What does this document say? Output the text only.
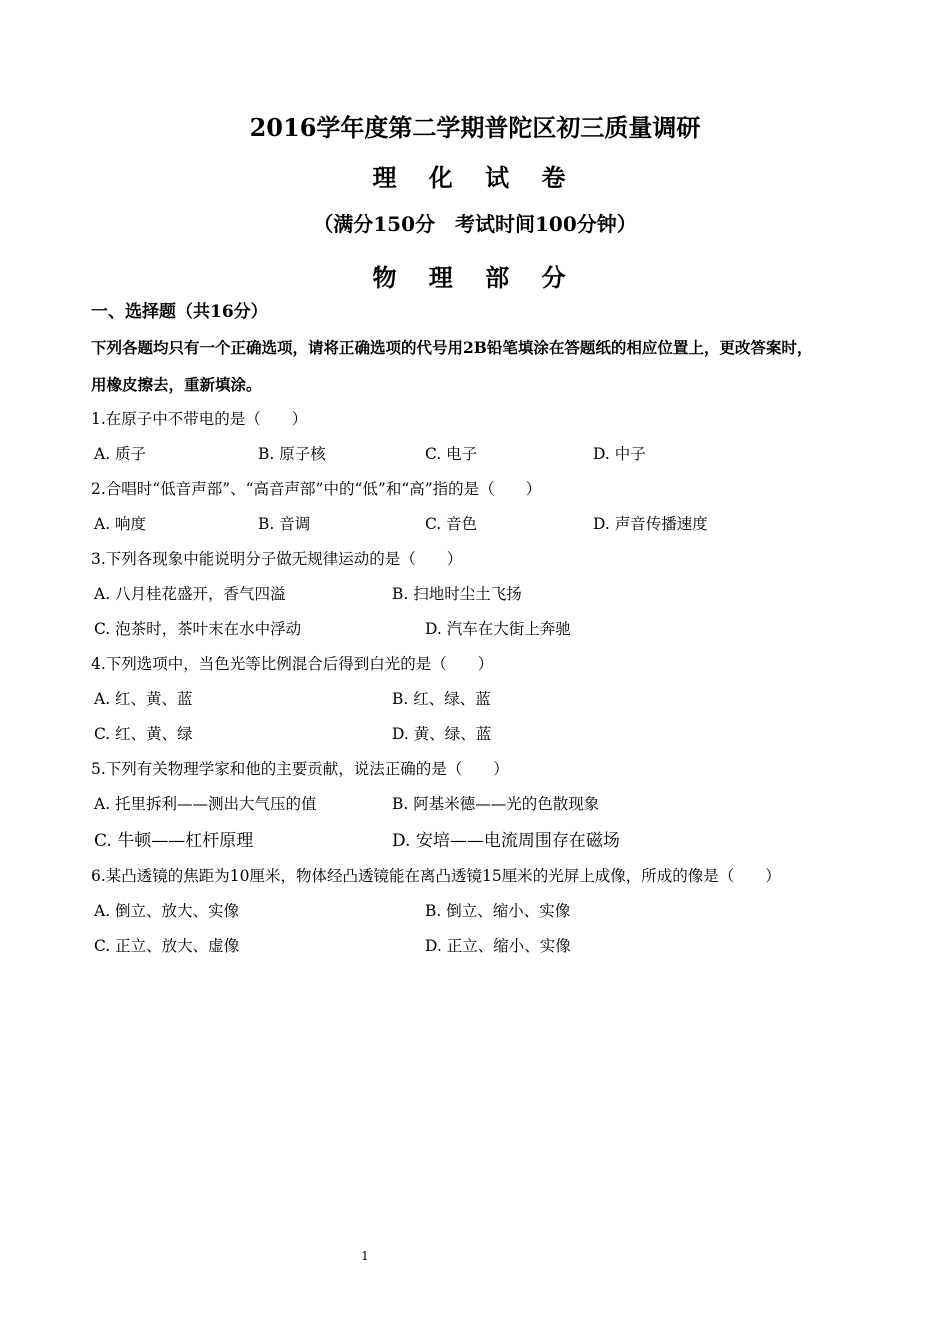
2016学年度第二学期普陀区初三质量调研
理 化 试 卷
（满分150分　考试时间100分钟）
物 理 部 分
一、选择题（共16分）
下列各题均只有一个正确选项，请将正确选项的代号用2B铅笔填涂在答题纸的相应位置上，更改答案时，
用橡皮擦去，重新填涂。
1.在原子中不带电的是（　　）
A. 质子	B. 原子核	C. 电子	D. 中子
2.合唱时“低音声部”、“高音声部”中的“低”和“高”指的是（　　）
A. 响度	B. 音调	C. 音色	D. 声音传播速度
3.下列各现象中能说明分子做无规律运动的是（　　）
A. 八月桂花盛开，香气四溢	B. 扫地时尘土飞扬
C. 泡茶时，茶叶末在水中浮动	D. 汽车在大街上奔驰
4.下列选项中，当色光等比例混合后得到白光的是（　　）
A. 红、黄、蓝	B. 红、绿、蓝
C. 红、黄、绿	D. 黄、绿、蓝
5.下列有关物理学家和他的主要贡献，说法正确的是（　　）
A. 托里拆利——测出大气压的值	B. 阿基米德——光的色散现象
C. 牛顿——杠杆原理	D. 安培——电流周围存在磁场
6.某凸透镜的焦距为10厘米，物体经凸透镜能在离凸透镜15厘米的光屏上成像，所成的像是（　　）
A. 倒立、放大、实像	B. 倒立、缩小、实像
C. 正立、放大、虚像	D. 正立、缩小、实像
1
